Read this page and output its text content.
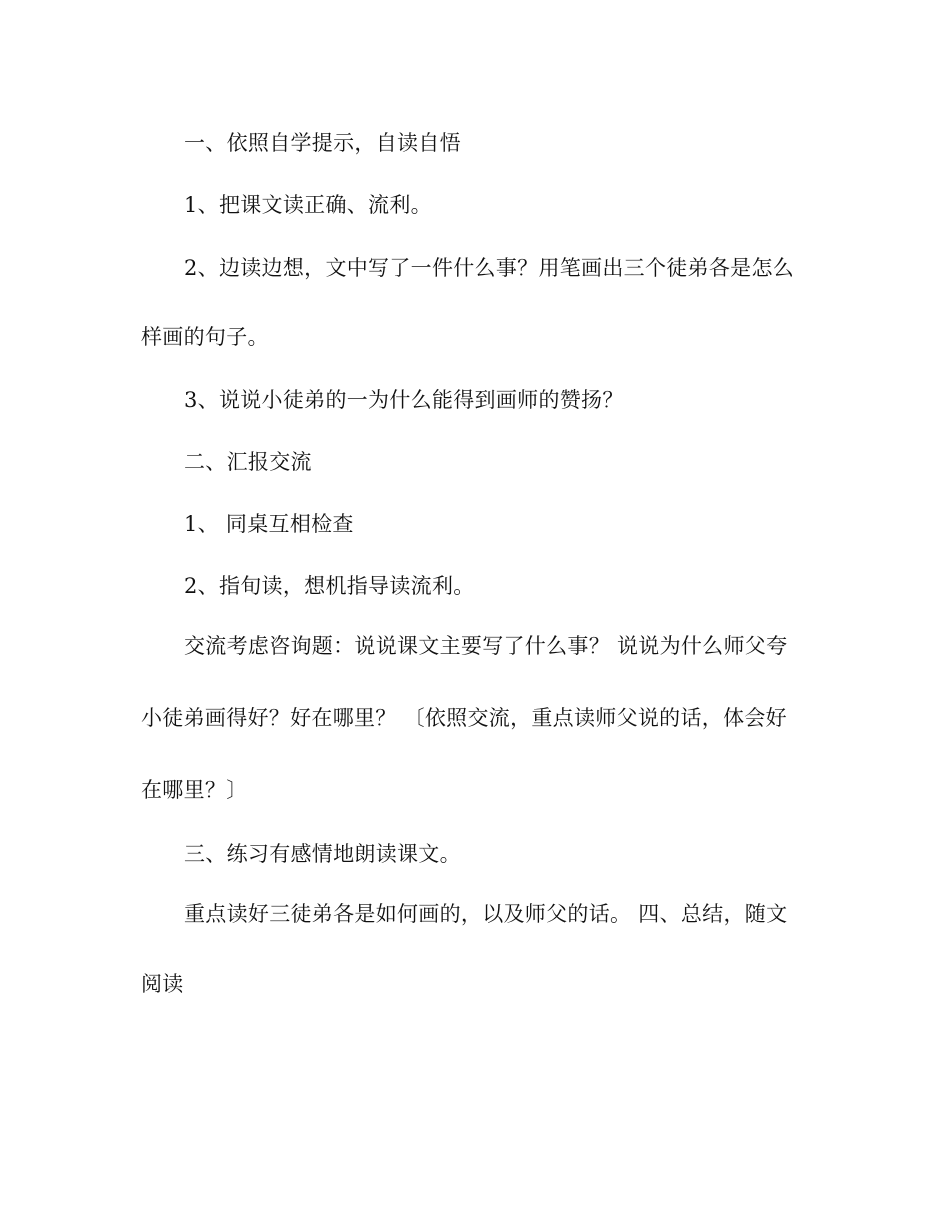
一、依照自学提示，自读自悟
1、把课文读正确、流利。
2、边读边想，文中写了一件什么事？用笔画出三个徒弟各是怎么
样画的句子。
3、说说小徒弟的一为什么能得到画师的赞扬？
二、汇报交流
1、 同桌互相检查
2、指旬读，想机指导读流利。
交流考虑咨询题：说说课文主要写了什么事？ 说说为什么师父夸
小徒弟画得好？好在哪里？ 〔依照交流，重点读师父说的话，体会好
在哪里？〕
三、练习有感情地朗读课文。
重点读好三徒弟各是如何画的，以及师父的话。 四、总结，随文
阅读
